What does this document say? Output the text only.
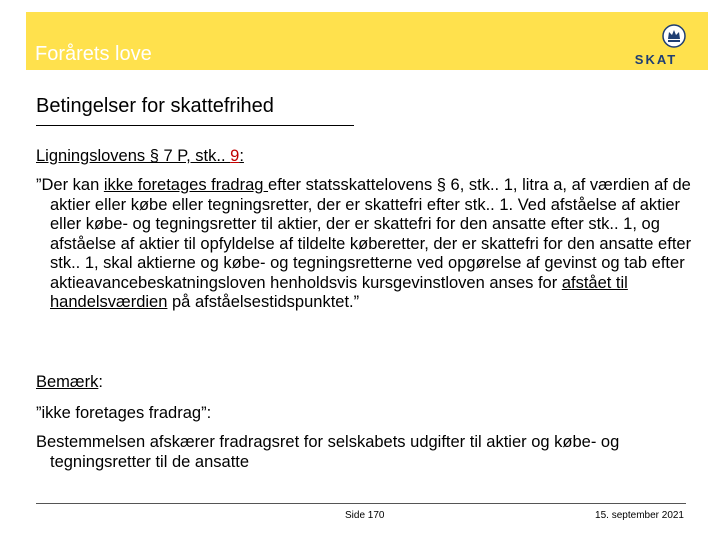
Forårets love	SKAT
Betingelser for skattefrihed
Ligningslovens § 7 P, stk.. 9:
”Der kan ikke foretages fradrag efter statsskattelovens § 6, stk.. 1, litra a, af værdien af de aktier eller købe eller tegningsretter, der er skattefri efter stk.. 1. Ved afståelse af aktier eller købe- og tegningsretter til aktier, der er skattefri for den ansatte efter stk.. 1, og afståelse af aktier til opfyldelse af tildelte køberetter, der er skattefri for den ansatte efter stk.. 1, skal aktierne og købe- og tegningsretterne ved opgørelse af gevinst og tab efter aktieavancebeskatningsloven henholdsvis kursgevinstloven anses for afstået til handelsværdien på afståelsestidspunktet.”
Bemærk:
”ikke foretages fradrag”:
Bestemmelsen afskærer fradragsret for selskabets udgifter til aktier og købe- og tegningsretter til de ansatte
Side 170	15. september 2021
